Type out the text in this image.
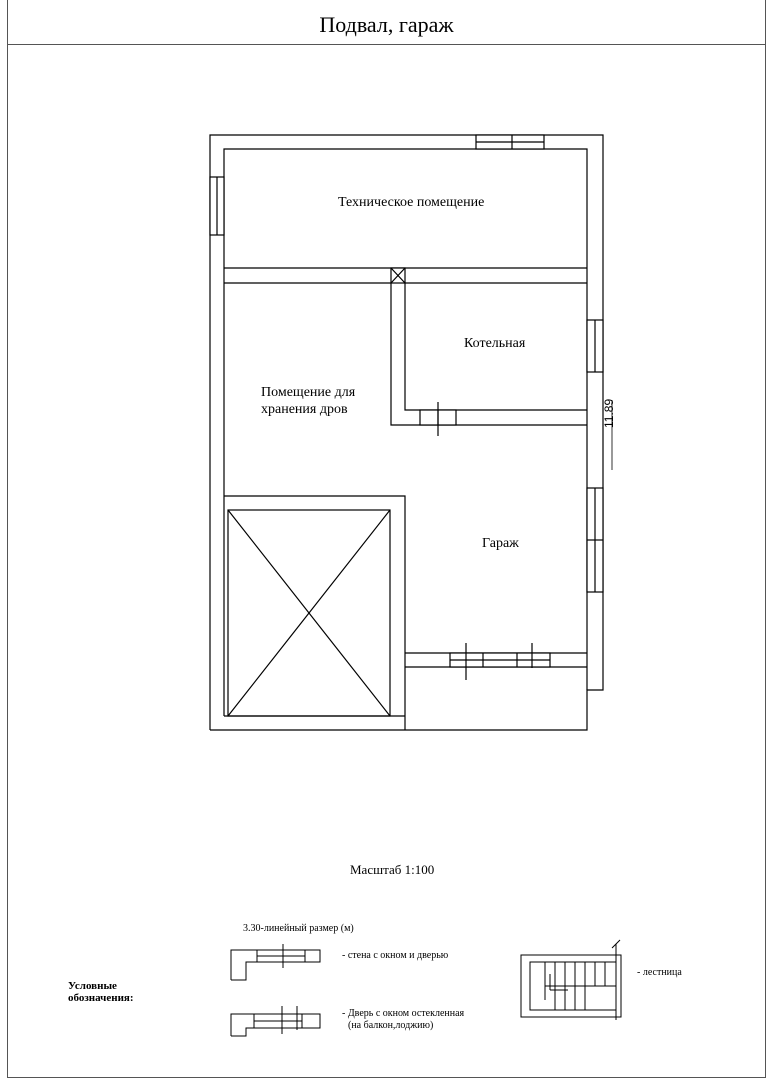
Подвал, гараж
Техническое помещение
Котельная
Помещение для
хранения дров
Гараж
11.89
Масштаб 1:100
3.30-линейный размер (м)
- стена с окном и дверью
Условные
обозначения:
- Дверь с окном остекленная
(на балкон,лоджию)
- лестница
